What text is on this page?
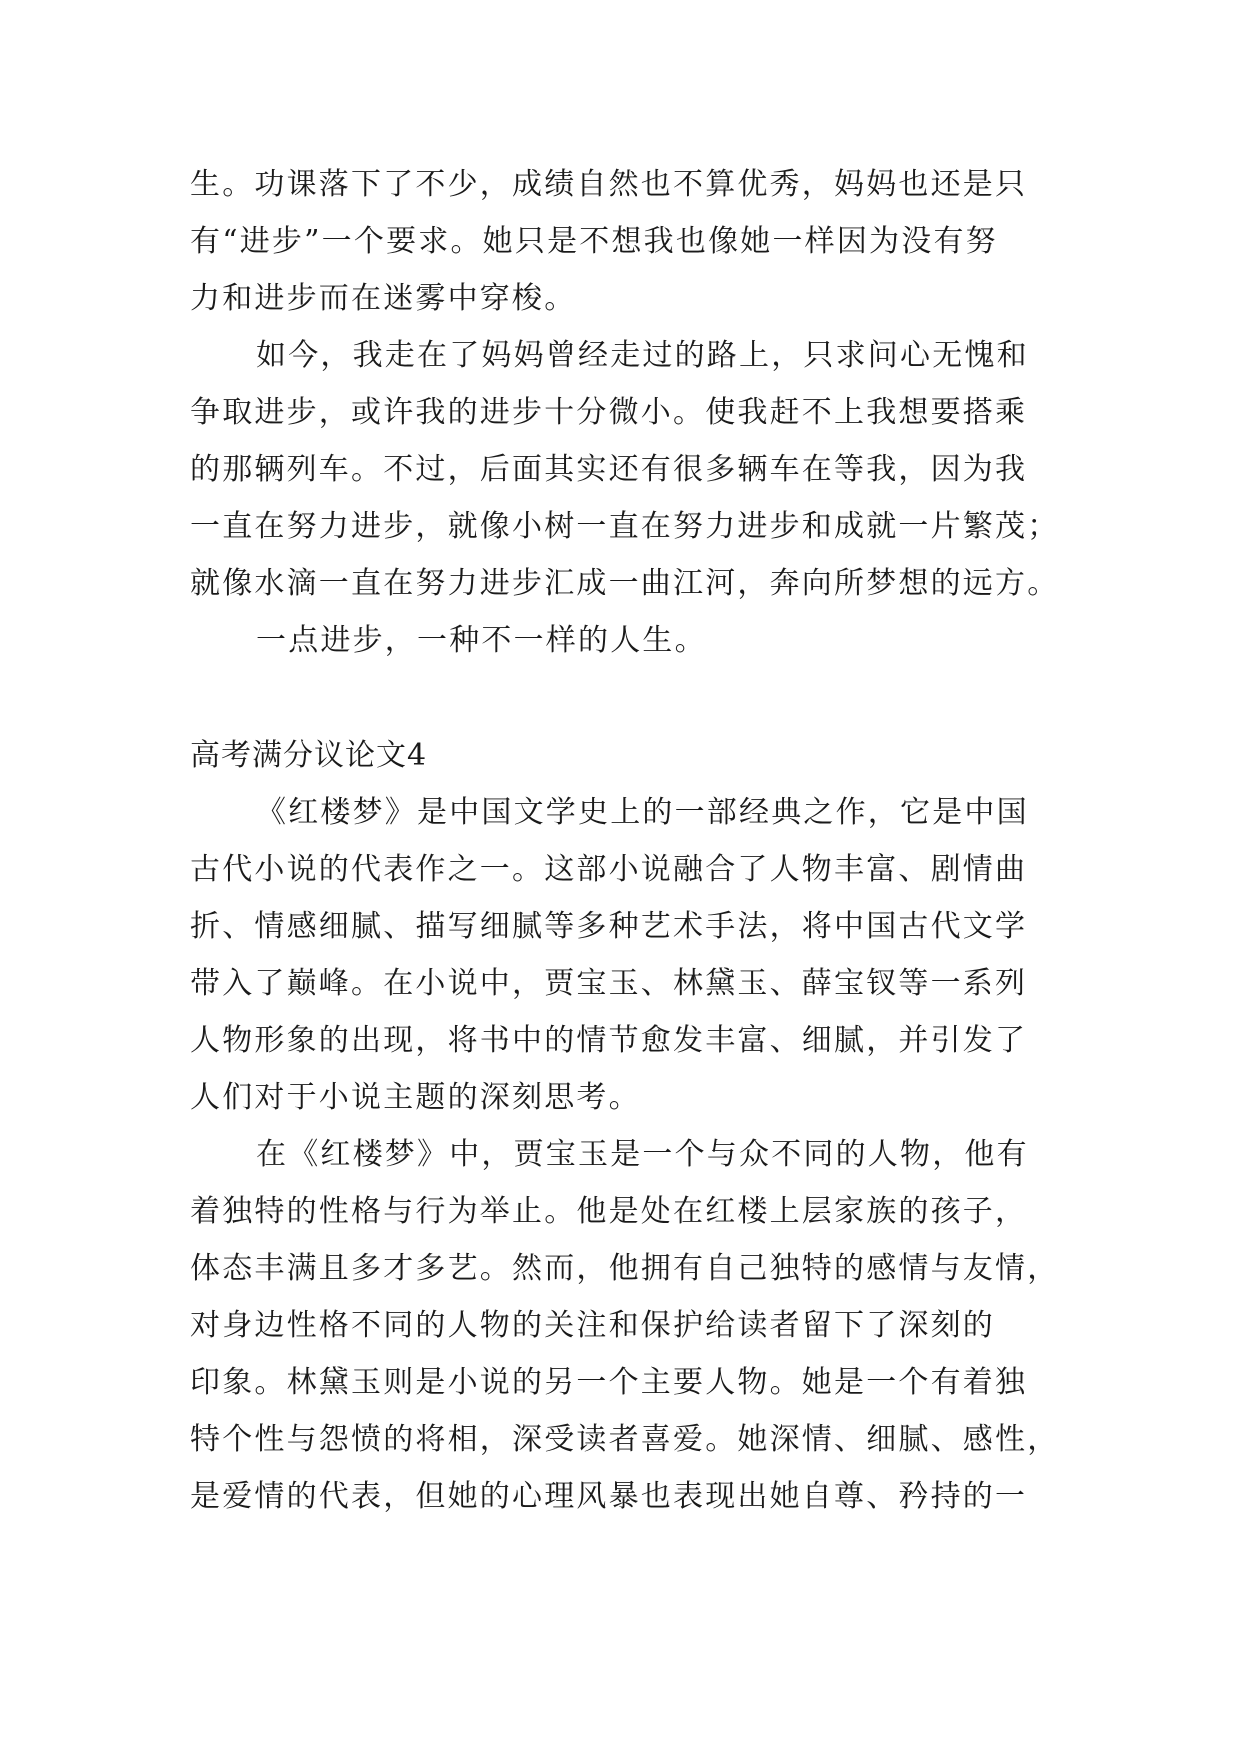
生。功课落下了不少，成绩自然也不算优秀，妈妈也还是只
有“进步”一个要求。她只是不想我也像她一样因为没有努
力和进步而在迷雾中穿梭。
如今，我走在了妈妈曾经走过的路上，只求问心无愧和
争取进步，或许我的进步十分微小。使我赶不上我想要搭乘
的那辆列车。不过，后面其实还有很多辆车在等我，因为我
一直在努力进步，就像小树一直在努力进步和成就一片繁茂；
就像水滴一直在努力进步汇成一曲江河，奔向所梦想的远方。
一点进步，一种不一样的人生。
高考满分议论文4
《红楼梦》是中国文学史上的一部经典之作，它是中国
古代小说的代表作之一。这部小说融合了人物丰富、剧情曲
折、情感细腻、描写细腻等多种艺术手法，将中国古代文学
带入了巅峰。在小说中，贾宝玉、林黛玉、薛宝钗等一系列
人物形象的出现，将书中的情节愈发丰富、细腻，并引发了
人们对于小说主题的深刻思考。
在《红楼梦》中，贾宝玉是一个与众不同的人物，他有
着独特的性格与行为举止。他是处在红楼上层家族的孩子，
体态丰满且多才多艺。然而，他拥有自己独特的感情与友情，
对身边性格不同的人物的关注和保护给读者留下了深刻的
印象。林黛玉则是小说的另一个主要人物。她是一个有着独
特个性与怨愤的将相，深受读者喜爱。她深情、细腻、感性，
是爱情的代表，但她的心理风暴也表现出她自尊、矜持的一
